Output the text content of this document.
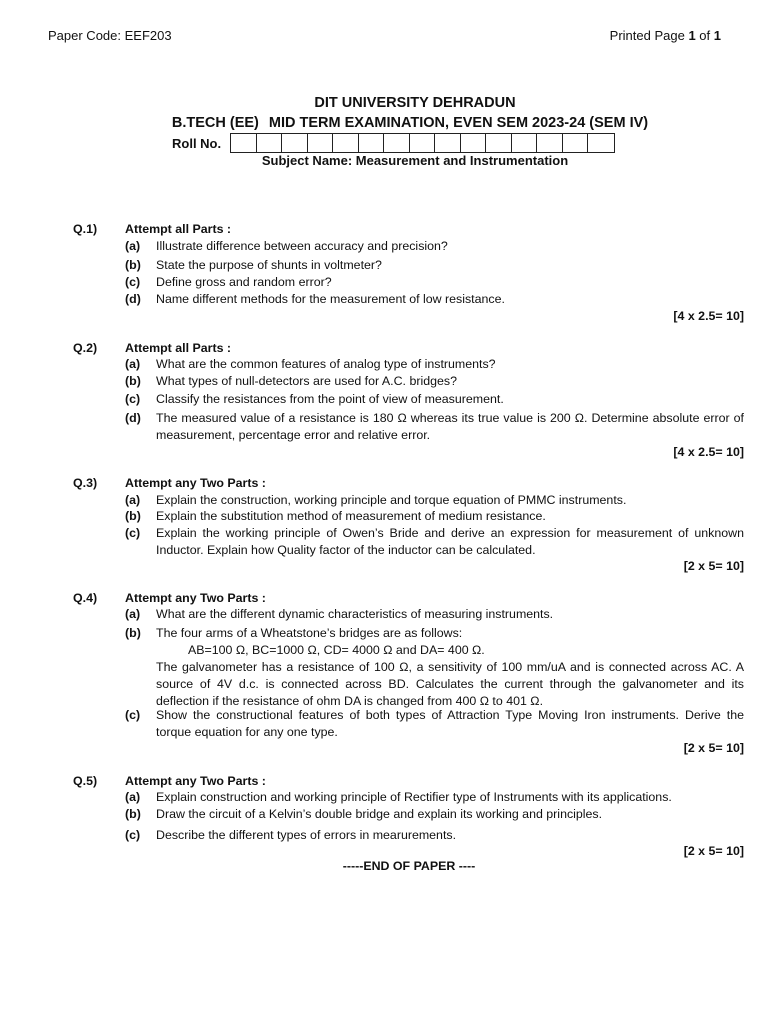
Paper Code: EEF203	Printed Page 1 of 1
DIT UNIVERSITY DEHRADUN
B.TECH (EE) MID TERM EXAMINATION, EVEN SEM 2023-24 (SEM IV)
Roll No.
Subject Name: Measurement and Instrumentation
Q.1) Attempt all Parts :
(a) Illustrate difference between accuracy and precision?
(b) State the purpose of shunts in voltmeter?
(c) Define gross and random error?
(d) Name different methods for the measurement of low resistance.
[4 x 2.5= 10]
Q.2) Attempt all Parts :
(a) What are the common features of analog type of instruments?
(b) What types of null-detectors are used for A.C. bridges?
(c) Classify the resistances from the point of view of measurement.
(d) The measured value of a resistance is 180 Ω whereas its true value is 200 Ω. Determine absolute error of measurement, percentage error and relative error.
[4 x 2.5= 10]
Q.3) Attempt any Two Parts :
(a) Explain the construction, working principle and torque equation of PMMC instruments.
(b) Explain the substitution method of measurement of medium resistance.
(c) Explain the working principle of Owen’s Bride and derive an expression for measurement of unknown Inductor. Explain how Quality factor of the inductor can be calculated.
[2 x 5= 10]
Q.4) Attempt any Two Parts :
(a) What are the different dynamic characteristics of measuring instruments.
(b) The four arms of a Wheatstone’s bridges are as follows:
AB=100 Ω, BC=1000 Ω, CD= 4000 Ω and DA= 400 Ω.
The galvanometer has a resistance of 100 Ω, a sensitivity of 100 mm/uA and is connected across AC. A source of 4V d.c. is connected across BD. Calculates the current through the galvanometer and its deflection if the resistance of ohm DA is changed from 400 Ω to 401 Ω.
(c) Show the constructional features of both types of Attraction Type Moving Iron instruments. Derive the torque equation for any one type.
[2 x 5= 10]
Q.5) Attempt any Two Parts :
(a) Explain construction and working principle of Rectifier type of Instruments with its applications.
(b) Draw the circuit of a Kelvin’s double bridge and explain its working and principles.
(c) Describe the different types of errors in mearurements.
[2 x 5= 10]
-----END OF PAPER ----
